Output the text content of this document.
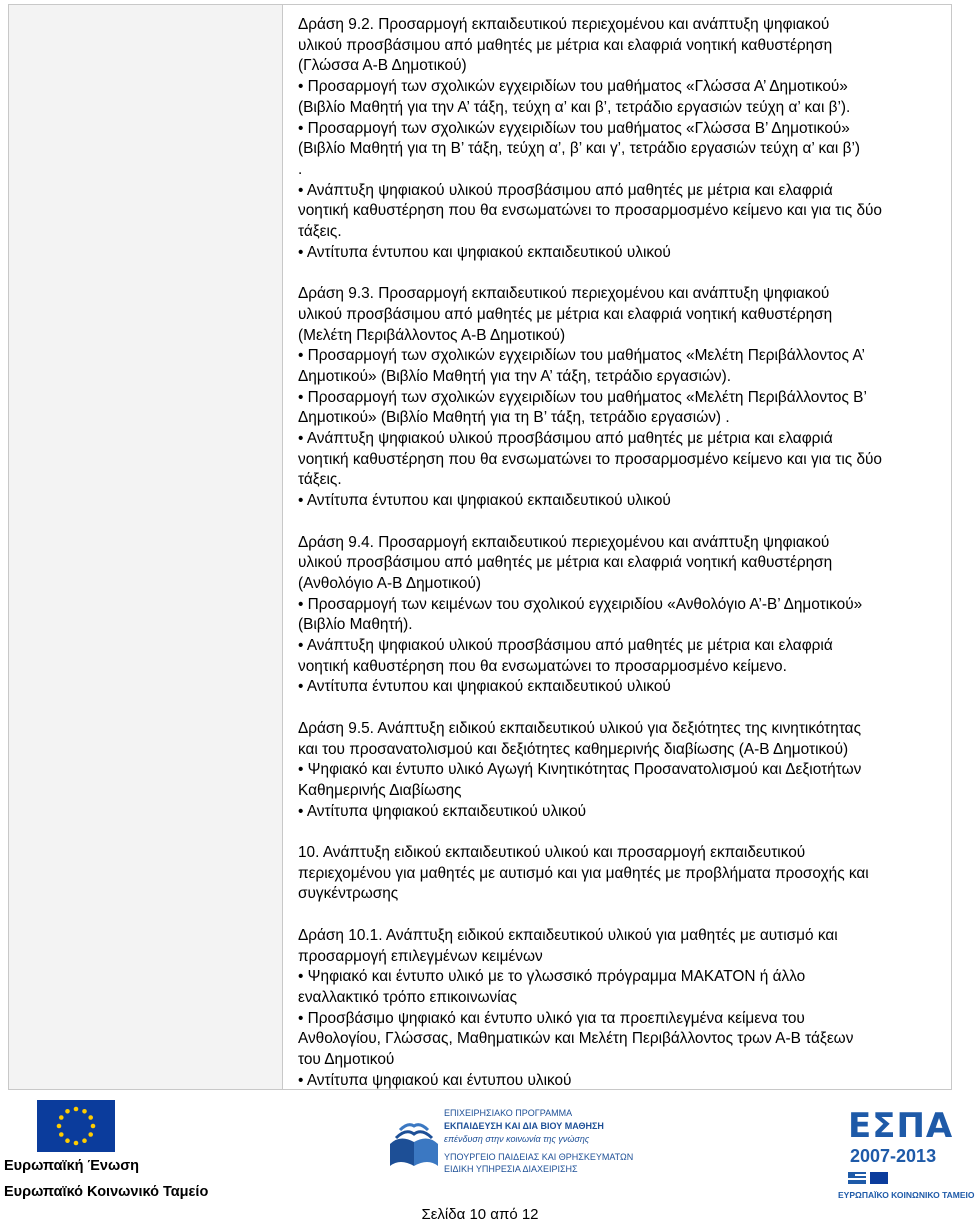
Δράση 9.2. Προσαρμογή εκπαιδευτικού περιεχομένου και ανάπτυξη ψηφιακού

υλικού προσβάσιμου από μαθητές με μέτρια και ελαφριά νοητική καθυστέρηση

(Γλώσσα Α-Β Δημοτικού)

• Προσαρμογή των σχολικών εγχειριδίων του μαθήματος «Γλώσσα Α’ Δημοτικού»

(Βιβλίο Μαθητή για την Α’ τάξη, τεύχη α’ και β’, τετράδιο εργασιών τεύχη α’ και β’).

• Προσαρμογή των σχολικών εγχειριδίων του μαθήματος «Γλώσσα Β’ Δημοτικού»

(Βιβλίο Μαθητή για τη Β’ τάξη, τεύχη α’, β’ και γ’, τετράδιο εργασιών τεύχη α’ και β’)

.

• Ανάπτυξη ψηφιακού υλικού προσβάσιμου από μαθητές με μέτρια και ελαφριά

νοητική καθυστέρηση που θα ενσωματώνει το προσαρμοσμένο κείμενο και για τις δύο

τάξεις.

• Αντίτυπα έντυπου και ψηφιακού εκπαιδευτικού υλικού

Δράση 9.3. Προσαρμογή εκπαιδευτικού περιεχομένου και ανάπτυξη ψηφιακού

υλικού προσβάσιμου από μαθητές με μέτρια και ελαφριά νοητική καθυστέρηση

(Μελέτη Περιβάλλοντος Α-Β Δημοτικού)

• Προσαρμογή των σχολικών εγχειριδίων του μαθήματος «Μελέτη Περιβάλλοντος Α’

Δημοτικού» (Βιβλίο Μαθητή για την Α’ τάξη, τετράδιο εργασιών).

• Προσαρμογή των σχολικών εγχειριδίων του μαθήματος «Μελέτη Περιβάλλοντος Β’

Δημοτικού» (Βιβλίο Μαθητή για τη Β’ τάξη, τετράδιο εργασιών) .

• Ανάπτυξη ψηφιακού υλικού προσβάσιμου από μαθητές με μέτρια και ελαφριά

νοητική καθυστέρηση που θα ενσωματώνει το προσαρμοσμένο κείμενο και για τις δύο

τάξεις.

• Αντίτυπα έντυπου και ψηφιακού εκπαιδευτικού υλικού

Δράση 9.4. Προσαρμογή εκπαιδευτικού περιεχομένου και ανάπτυξη ψηφιακού

υλικού προσβάσιμου από μαθητές με μέτρια και ελαφριά νοητική καθυστέρηση

(Ανθολόγιο Α-Β Δημοτικού)

• Προσαρμογή των κειμένων του σχολικού εγχειριδίου «Ανθολόγιο Α’-Β’ Δημοτικού»

(Βιβλίο Μαθητή).

• Ανάπτυξη ψηφιακού υλικού προσβάσιμου από μαθητές με μέτρια και ελαφριά

νοητική καθυστέρηση που θα ενσωματώνει το προσαρμοσμένο κείμενο.

• Αντίτυπα έντυπου και ψηφιακού εκπαιδευτικού υλικού

Δράση 9.5. Ανάπτυξη ειδικού εκπαιδευτικού υλικού για δεξιότητες της κινητικότητας

και του προσανατολισμού και δεξιότητες καθημερινής διαβίωσης (Α-Β Δημοτικού)

• Ψηφιακό και έντυπο υλικό Αγωγή Κινητικότητας Προσανατολισμού και Δεξιοτήτων

Καθημερινής Διαβίωσης

• Αντίτυπα ψηφιακού εκπαιδευτικού υλικού

10. Ανάπτυξη ειδικού εκπαιδευτικού υλικού και προσαρμογή εκπαιδευτικού

περιεχομένου για μαθητές με αυτισμό και για μαθητές με προβλήματα προσοχής και

συγκέντρωσης

Δράση 10.1. Ανάπτυξη ειδικού εκπαιδευτικού υλικού για μαθητές με αυτισμό και

προσαρμογή επιλεγμένων κειμένων

• Ψηφιακό και έντυπο υλικό με το γλωσσικό πρόγραμμα MAKATON ή άλλο

εναλλακτικό τρόπο επικοινωνίας

• Προσβάσιμο ψηφιακό και έντυπο υλικό για τα προεπιλεγμένα κείμενα του

Ανθολογίου, Γλώσσας, Μαθηματικών και Μελέτη Περιβάλλοντος τρων Α-Β τάξεων

του Δημοτικού

• Αντίτυπα ψηφιακού και έντυπου υλικού

Ευρωπαϊκή Ένωση
Ευρωπαϊκό Κοινωνικό Ταμείο
ΕΠΙΧΕΙΡΗΣΙΑΚΟ ΠΡΟΓΡΑΜΜΑ
ΕΚΠΑΙΔΕΥΣΗ ΚΑΙ ΔΙΑ ΒΙΟΥ ΜΑΘΗΣΗ
επένδυση στην κοινωνία της γνώσης
ΥΠΟΥΡΓΕΙΟ ΠΑΙΔΕΙΑΣ ΚΑΙ ΘΡΗΣΚΕΥΜΑΤΩΝ
ΕΙΔΙΚΗ ΥΠΗΡΕΣΙΑ ΔΙΑΧΕΙΡΙΣΗΣ
Σελίδα 10 από 12
ΕΣΠΑ
2007-2013
ΕΥΡΩΠΑΪΚΟ ΚΟΙΝΩΝΙΚΟ ΤΑΜΕΙΟ
